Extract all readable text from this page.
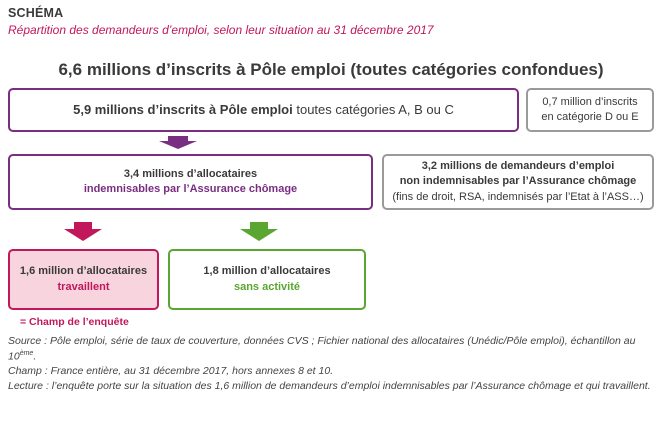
SCHÉMA
Répartition des demandeurs d’emploi, selon leur situation au 31 décembre 2017
6,6 millions d’inscrits à Pôle emploi (toutes catégories confondues)
5,9 millions d’inscrits à Pôle emploi toutes catégories A, B ou C
0,7 million d’inscrits
en catégorie D ou E
3,4 millions d’allocataires
indemnisables par l’Assurance chômage
3,2 millions de demandeurs d’emploi
non indemnisables par l’Assurance chômage
(fins de droit, RSA, indemnisés par l’Etat à l’ASS…)
1,6 million d’allocataires
travaillent
1,8 million d’allocataires
sans activité
= Champ de l’enquête

Source : Pôle emploi, série de taux de couverture, données CVS ; Fichier national des allocataires (Unédic/Pôle emploi), échantillon au 10ème.

Champ : France entière, au 31 décembre 2017, hors annexes 8 et 10.

Lecture : l’enquête porte sur la situation des 1,6 million de demandeurs d’emploi indemnisables par l’Assurance chômage et qui travaillent.
